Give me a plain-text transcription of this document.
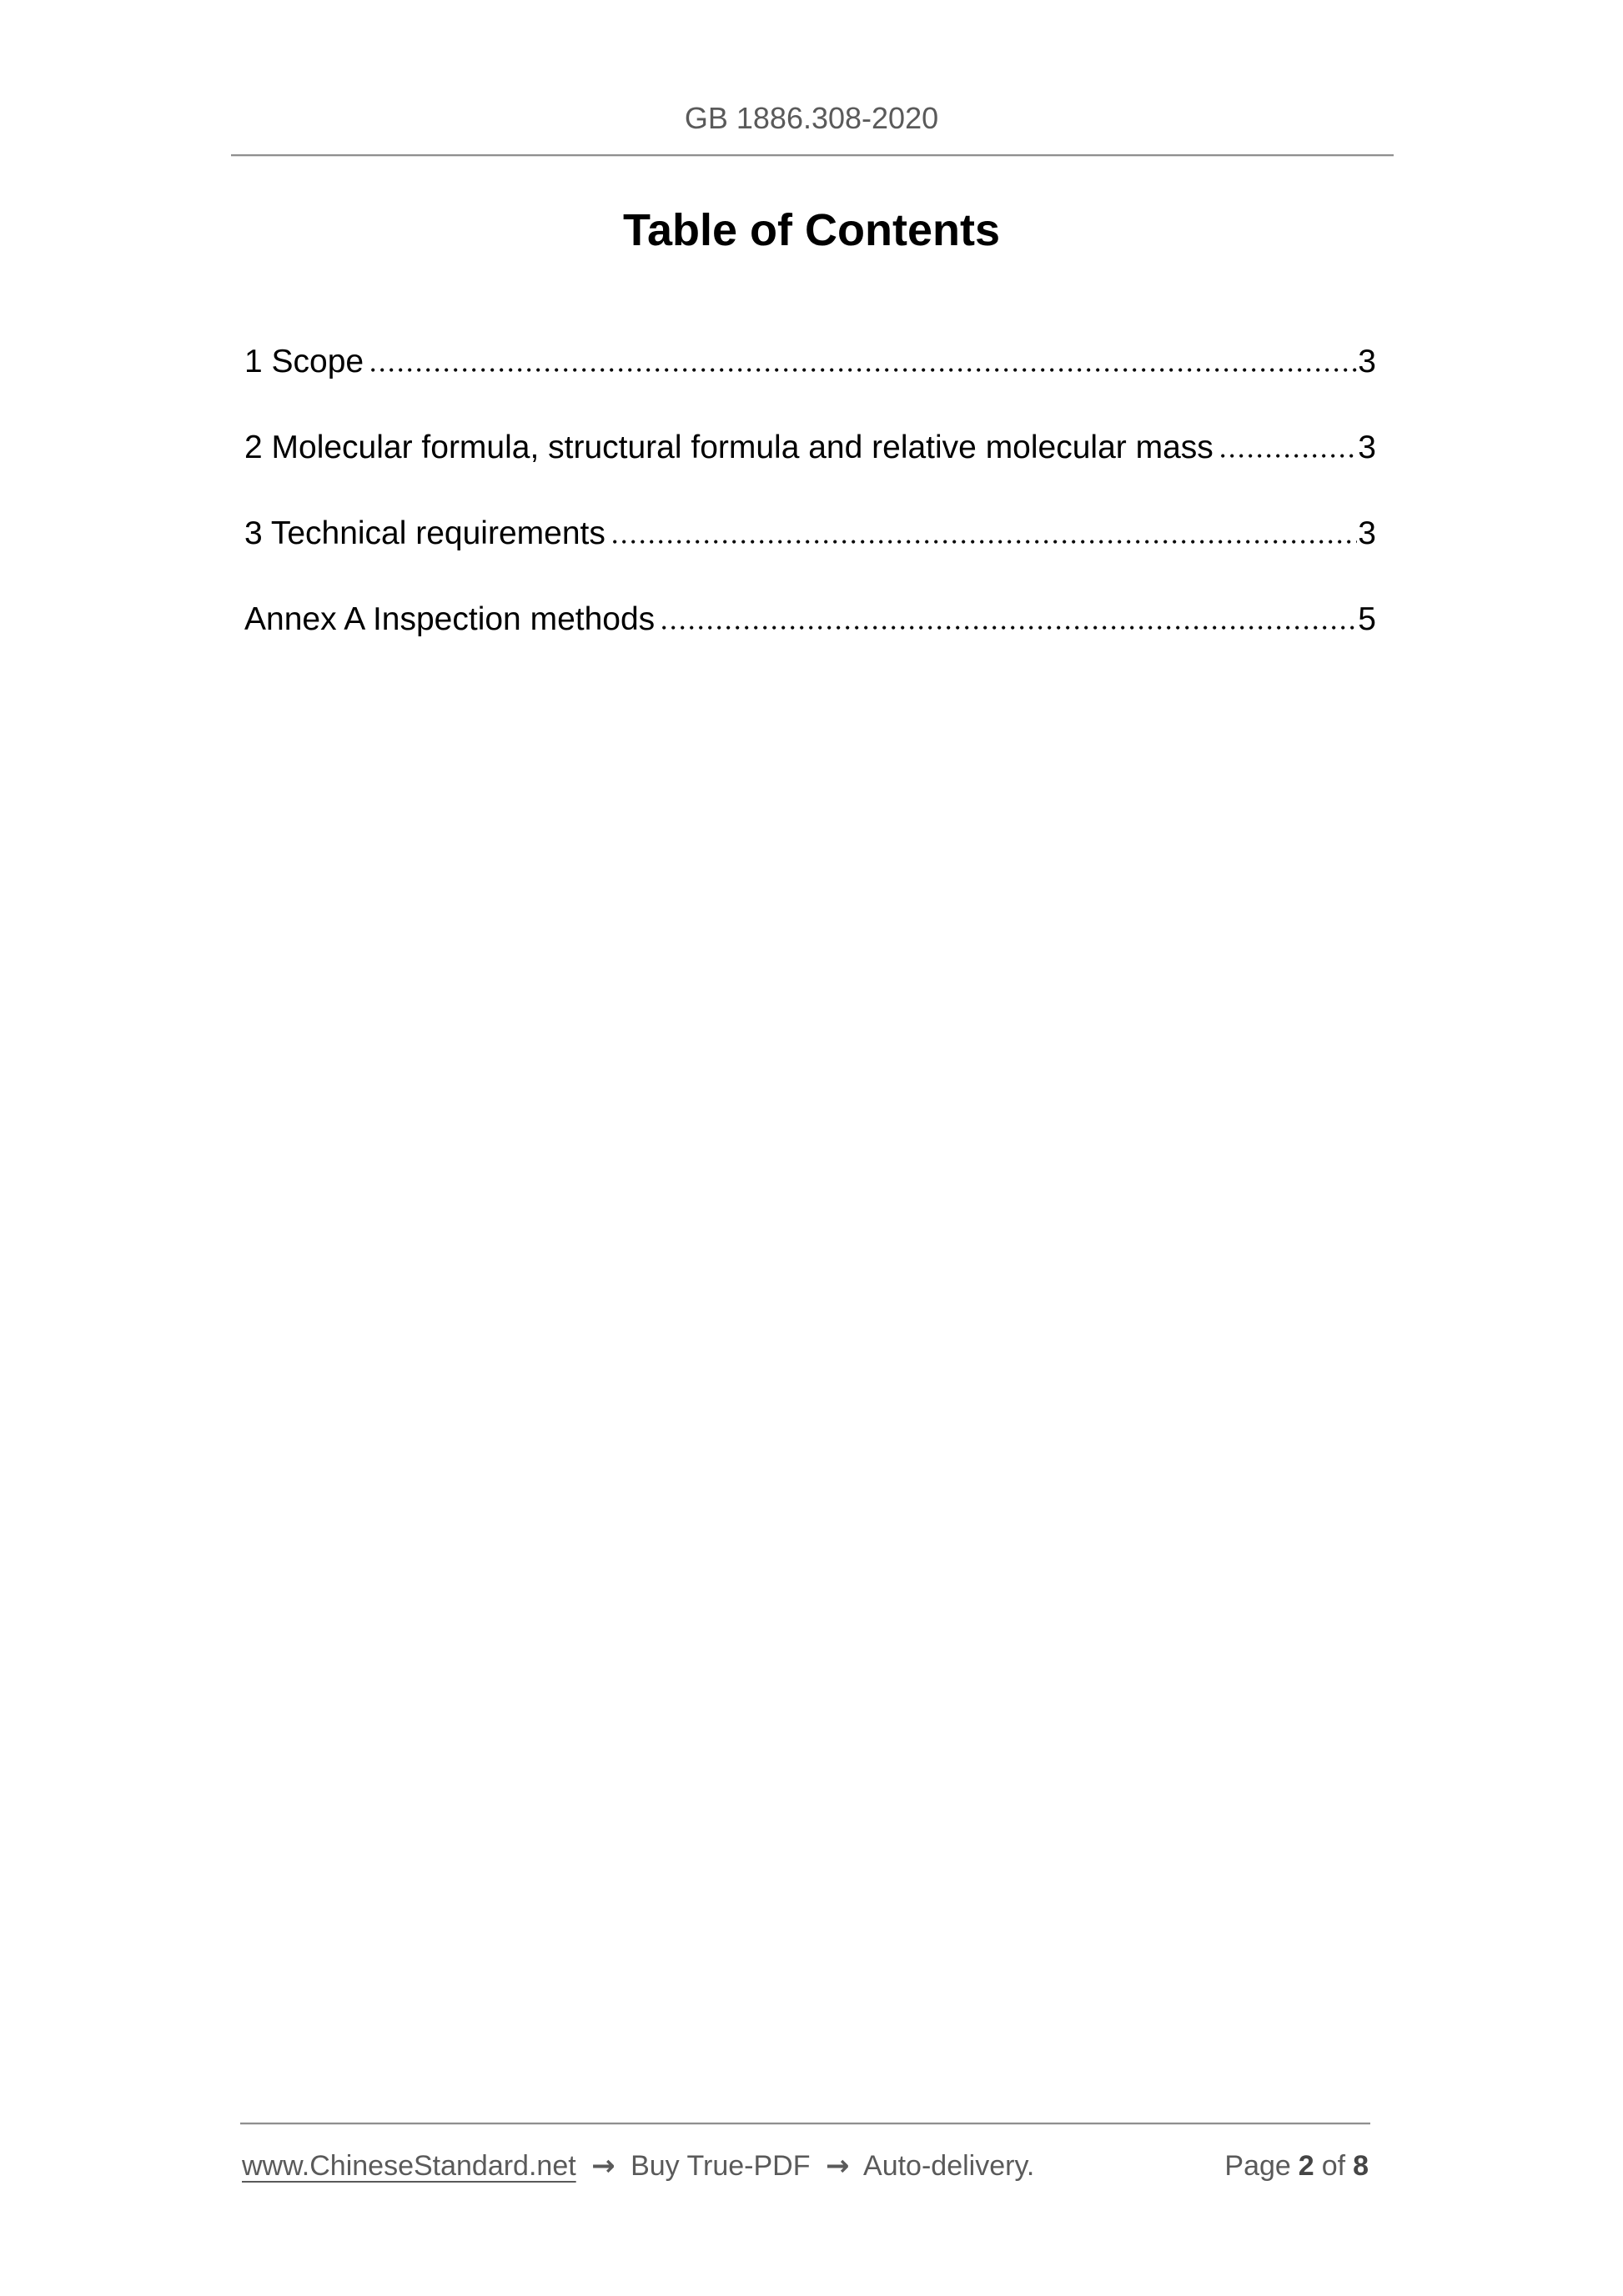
GB 1886.308-2020
Table of Contents
1 Scope	3
2 Molecular formula, structural formula and relative molecular mass	3
3 Technical requirements	3
Annex A Inspection methods	5
www.ChineseStandard.net → Buy True-PDF → Auto-delivery.	Page 2 of 8
